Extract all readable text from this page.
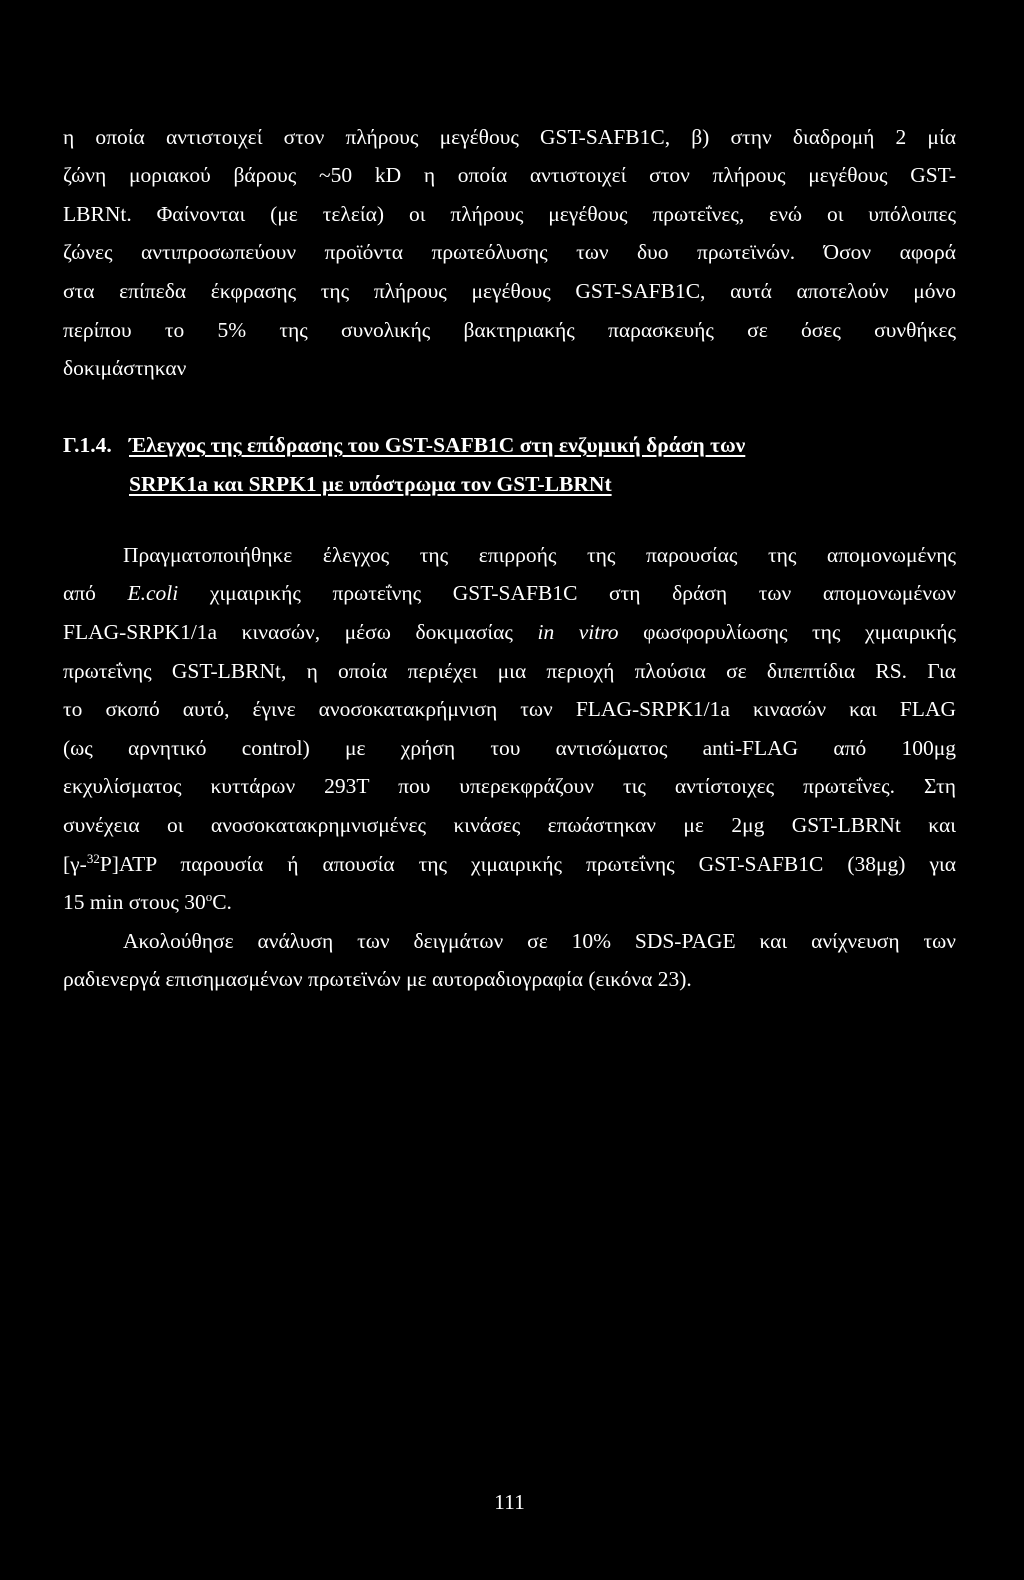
η οποία αντιστοιχεί στον πλήρους μεγέθους GST-SAFB1C, β) στην διαδρομή 2 μία
ζώνη μοριακού βάρους ~50 kD η οποία αντιστοιχεί στον πλήρους μεγέθους GST-
LBRNt. Φαίνονται (με τελεία) οι πλήρους μεγέθους πρωτεΐνες, ενώ οι υπόλοιπες
ζώνες αντιπροσωπεύουν προϊόντα πρωτεόλυσης των δυο πρωτεϊνών. Όσον αφορά
στα επίπεδα έκφρασης της πλήρους μεγέθους GST-SAFB1C, αυτά αποτελούν μόνο
περίπου το 5% της συνολικής βακτηριακής παρασκευής σε όσες συνθήκες
δοκιμάστηκαν
Γ.1.4. Έλεγχος της επίδρασης του GST-SAFB1C στη ενζυμική δράση των
SRPK1a και SRPK1 με υπόστρωμα τον GST-LBRNt
Πραγματοποιήθηκε έλεγχος της επιρροής της παρουσίας της απομονωμένης
από E.coli χιμαιρικής πρωτεΐνης GST-SAFB1C στη δράση των απομονωμένων
FLAG-SRPK1/1a κινασών, μέσω δοκιμασίας in vitro φωσφορυλίωσης της χιμαιρικής
πρωτεΐνης GST-LBRNt, η οποία περιέχει μια περιοχή πλούσια σε διπεπτίδια RS. Για
το σκοπό αυτό, έγινε ανοσοκατακρήμνιση των FLAG-SRPK1/1a κινασών και FLAG
(ως αρνητικό control) με χρήση του αντισώματος anti-FLAG από 100μg
εκχυλίσματος κυττάρων 293T που υπερεκφράζουν τις αντίστοιχες πρωτεΐνες. Στη
συνέχεια οι ανοσοκατακρημνισμένες κινάσες επωάστηκαν με 2μg GST-LBRNt και
[γ-$^{32}$P]ATP παρουσία ή απουσία της χιμαιρικής πρωτεΐνης GST-SAFB1C (38μg) για
15 min στους 30$^o$C.
Ακολούθησε ανάλυση των δειγμάτων σε 10% SDS-PAGE και ανίχνευση των
ραδιενεργά επισημασμένων πρωτεϊνών με αυτοραδιογραφία (εικόνα 23).
111
